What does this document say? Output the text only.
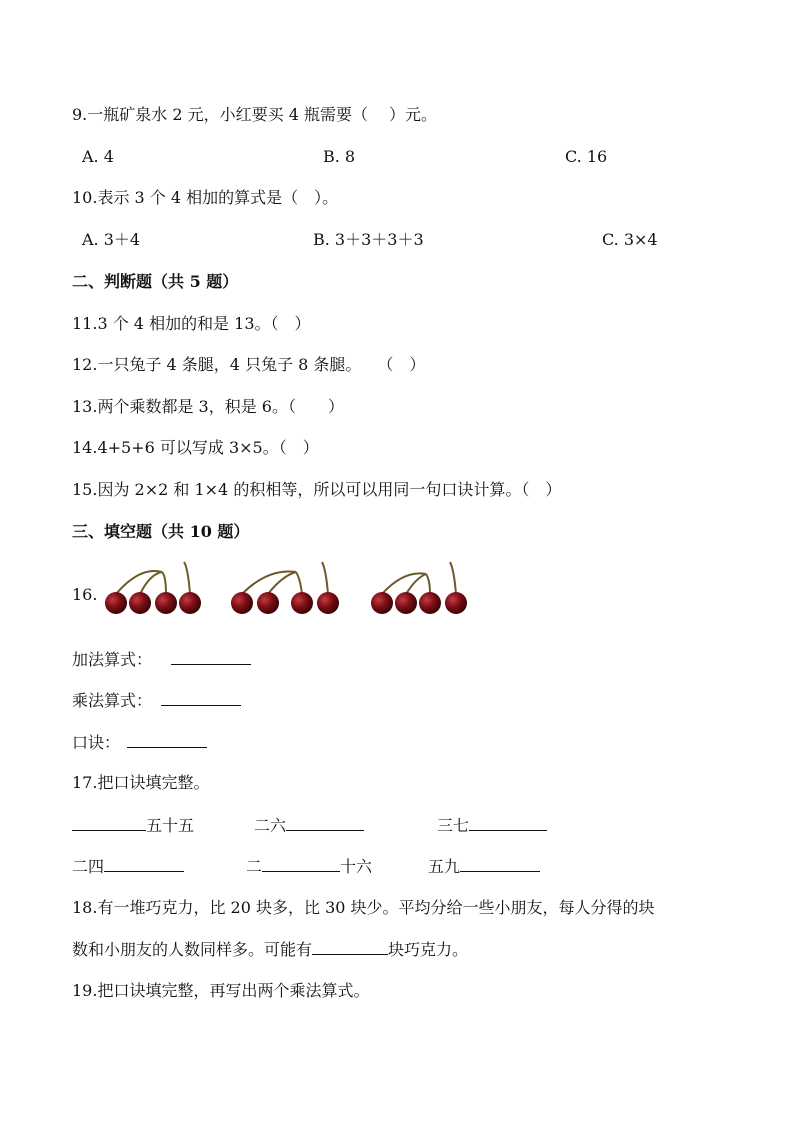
9.一瓶矿泉水 2 元，小红要买 4 瓶需要（　 ）元。
A. 4	B. 8	C. 16
10.表示 3 个 4 相加的算式是（　）。
A. 3＋4	B. 3＋3＋3＋3	C. 3×4
二、判断题（共 5 题）
11.3 个 4 相加的和是 13。（　）
12.一只兔子 4 条腿，4 只兔子 8 条腿。　　（　）
13.两个乘数都是 3，积是 6。（　　）
14.4+5+6 可以写成 3×5。（　）
15.因为 2×2 和 1×4 的积相等，所以可以用同一句口诀计算。（　）
三、填空题（共 10 题）
16.
加法算式：
乘法算式：
口诀：
17.把口诀填完整。
五十五	二六	三七
二四	二	十六	五九
18.有一堆巧克力，比 20 块多，比 30 块少。平均分给一些小朋友，每人分得的块
数和小朋友的人数同样多。可能有	块巧克力。
19.把口诀填完整，再写出两个乘法算式。
